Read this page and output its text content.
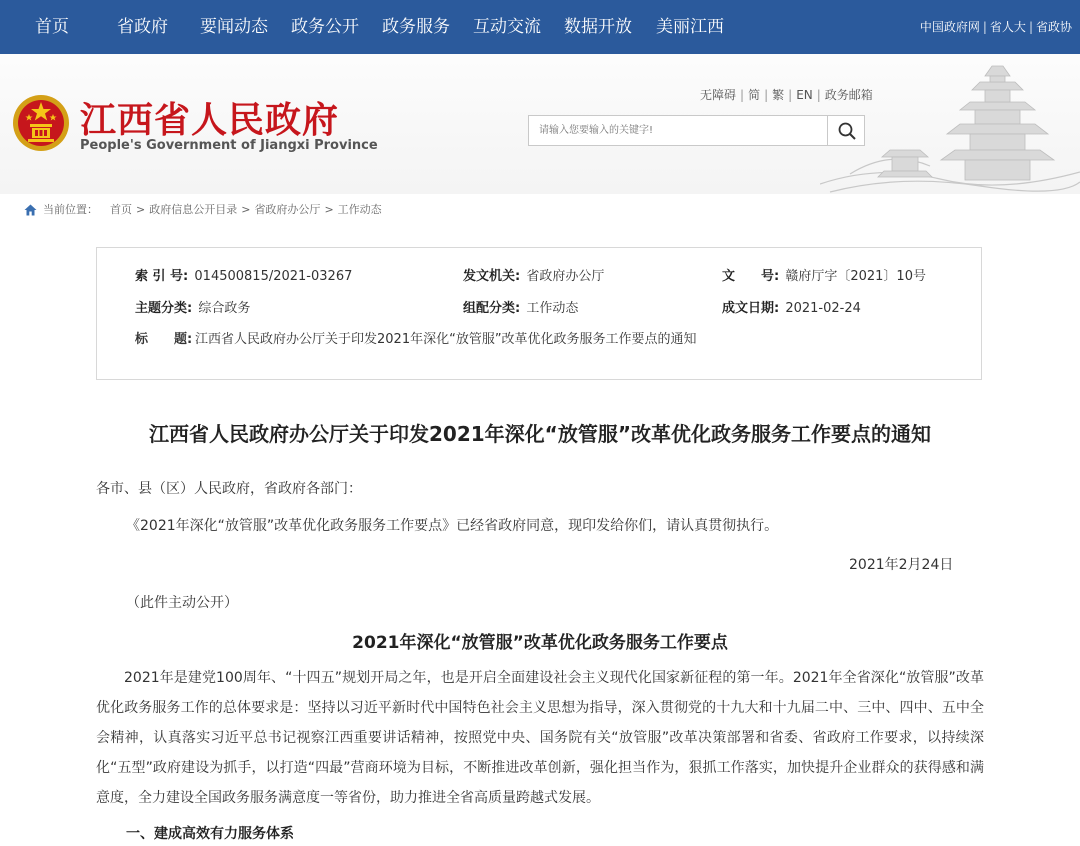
首页	省政府 要闻动态 政务公开 政务服务 互动交流 数据开放 美丽江西	中国政府网 | 省人大 | 省政协
江西省人民政府
People's Government of Jiangxi Province
无障碍 | 简 | 繁 | EN | 政务邮箱
请输入您要输入的关键字!
当前位置： 首页 > 政府信息公开目录 > 省政府办公厅 > 工作动态
索 引 号: 014500815/2021-03267	发文机关: 省政府办公厅	文　　号: 赣府厅字〔2021〕10号
主题分类: 综合政务	组配分类: 工作动态	成文日期: 2021-02-24
标　　题: 江西省人民政府办公厅关于印发2021年深化“放管服”改革优化政务服务工作要点的通知
江西省人民政府办公厅关于印发2021年深化“放管服”改革优化政务服务工作要点的通知
各市、县（区）人民政府，省政府各部门：
《2021年深化“放管服”改革优化政务服务工作要点》已经省政府同意，现印发给你们，请认真贯彻执行。
2021年2月24日
（此件主动公开）
2021年深化“放管服”改革优化政务服务工作要点
2021年是建党100周年、“十四五”规划开局之年，也是开启全面建设社会主义现代化国家新征程的第一年。2021年全省深化“放管服”改革优化政务服务工作的总体要求是：坚持以习近平新时代中国特色社会主义思想为指导，深入贯彻党的十九大和十九届二中、三中、四中、五中全会精神，认真落实习近平总书记视察江西重要讲话精神，按照党中央、国务院有关“放管服”改革决策部署和省委、省政府工作要求，以持续深化“五型”政府建设为抓手，以打造“四最”营商环境为目标，不断推进改革创新，强化担当作为，狠抓工作落实，加快提升企业群众的获得感和满意度，全力建设全国政务服务满意度一等省份，助力推进全省高质量跨越式发展。
一、建成高效有力服务体系
